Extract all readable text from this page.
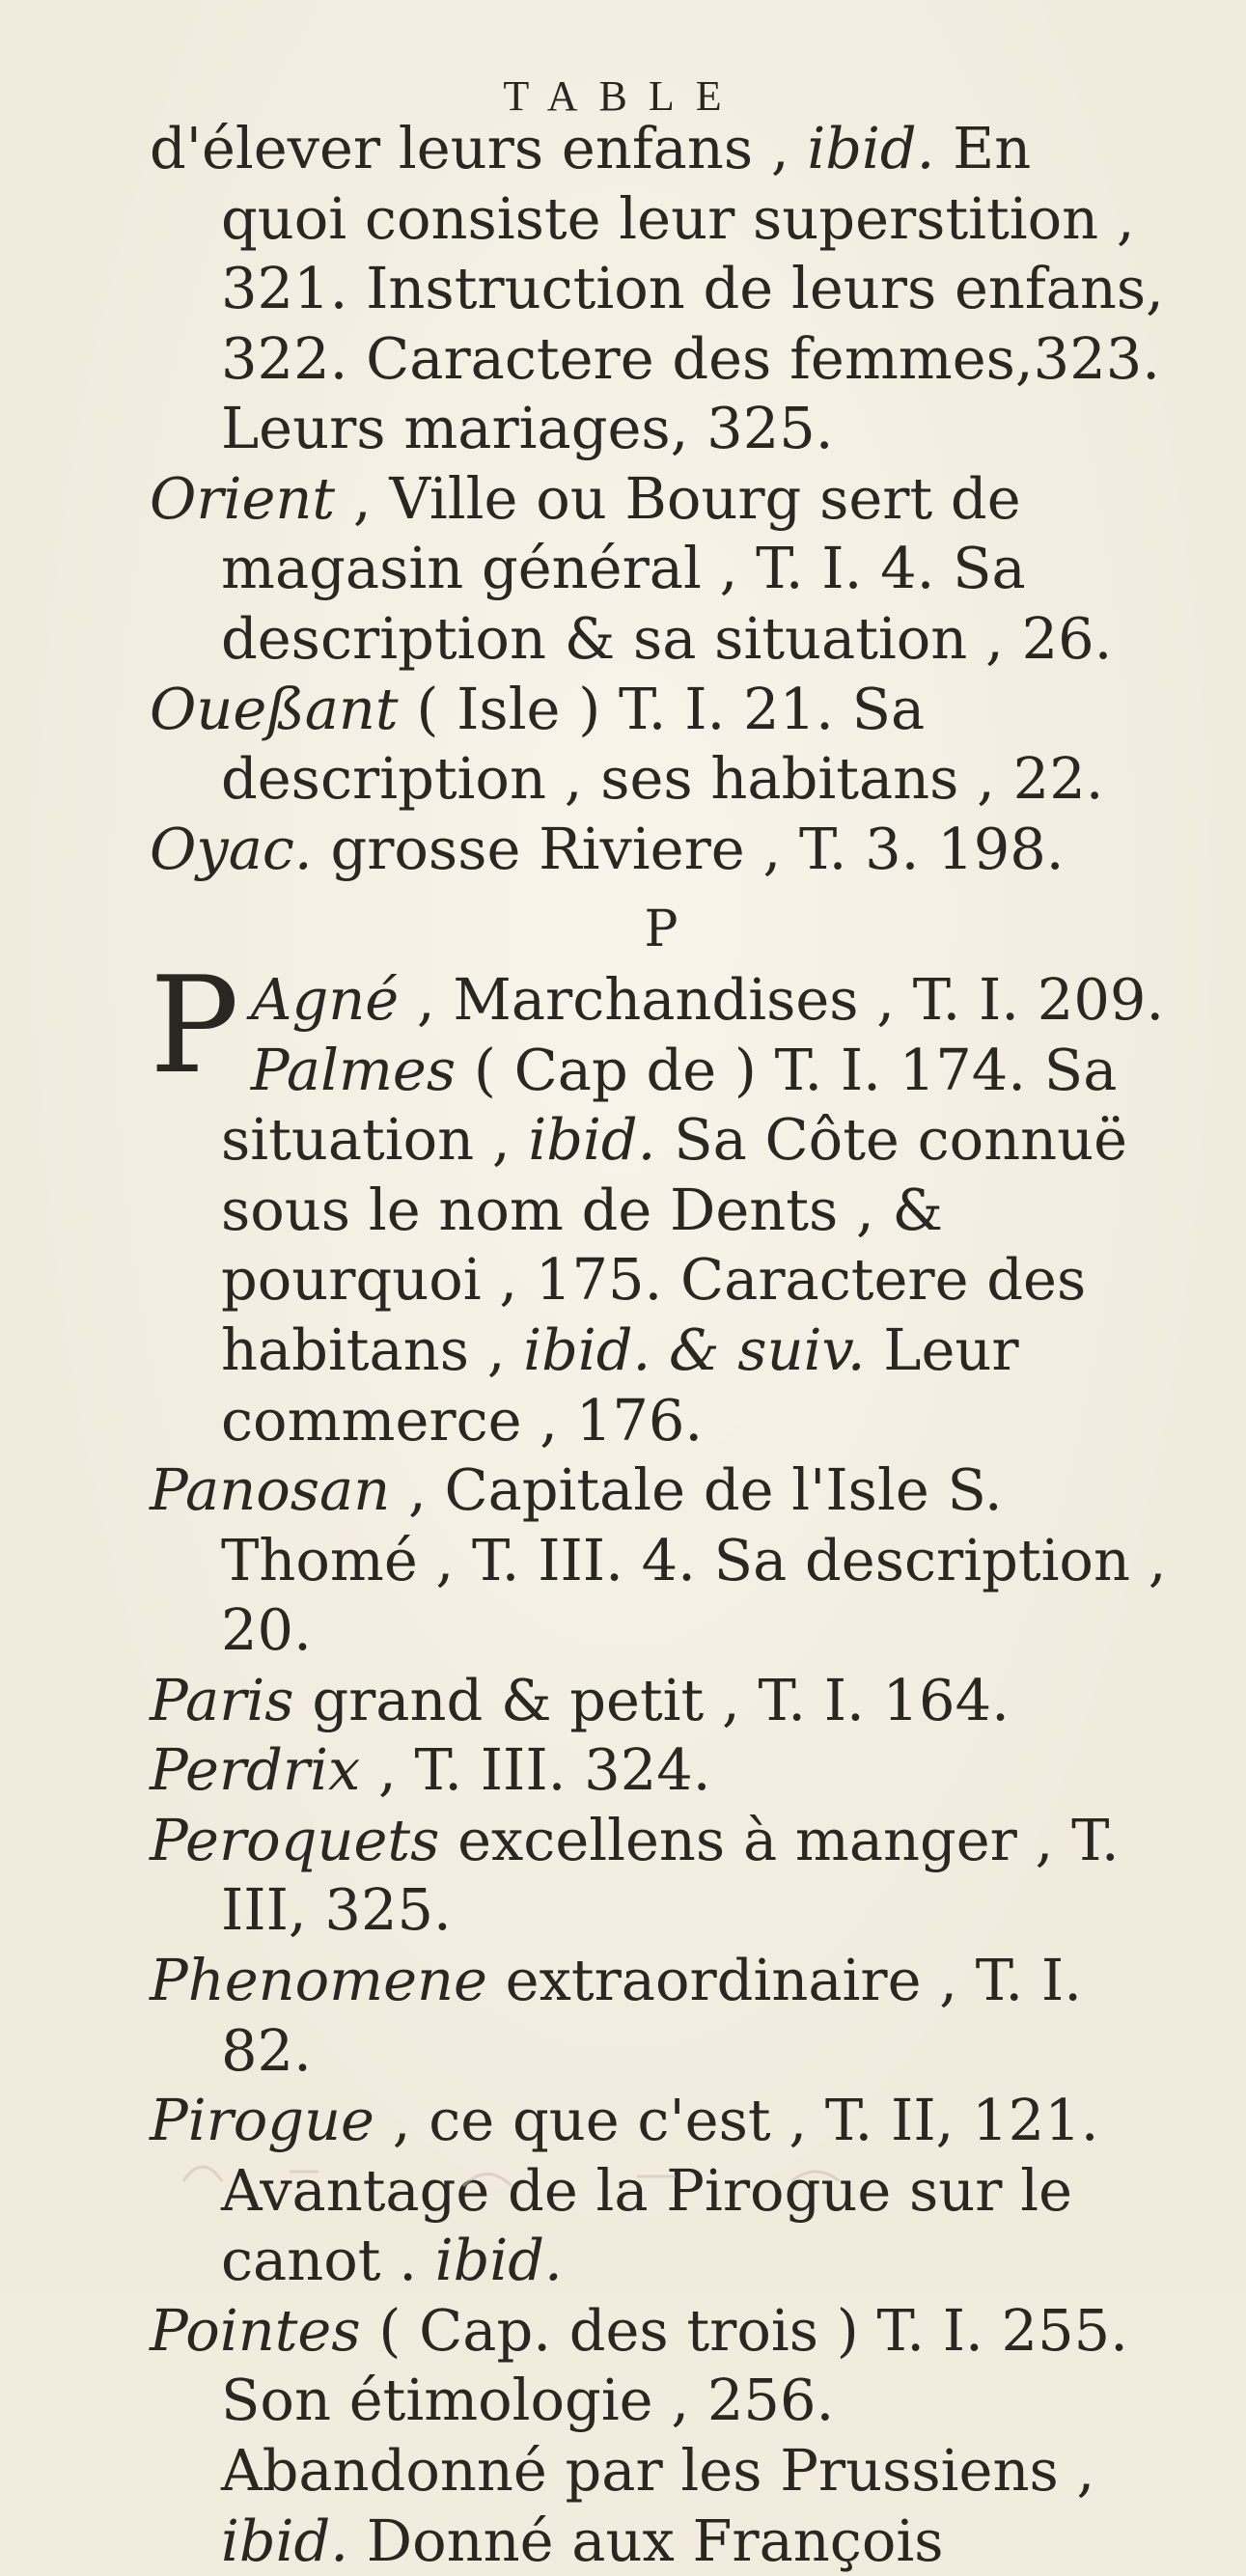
TABLE

d'élever leurs enfans , ibid. En quoi consiste leur superstition , 321. Instruction de leurs enfans, 322. Caractere des femmes,323. Leurs mariages, 325.

Orient , Ville ou Bourg sert de magasin général , T. I. 4. Sa description & sa situation , 26.

Oueßant ( Isle ) T. I. 21. Sa description , ses habitans , 22.

Oyac. grosse Riviere , T. 3. 198.

P

P Agné , Marchandises , T. I. 209.
Palmes ( Cap de ) T. I. 174. Sa situation , ibid. Sa Côte connuë sous le nom de Dents , & pourquoi , 175. Caractere des habitans , ibid. & suiv. Leur commerce , 176.

Panosan , Capitale de l'Isle S. Thomé , T. III. 4. Sa description , 20.

Paris grand & petit , T. I. 164.

Perdrix , T. III. 324.

Peroquets excellens à manger , T. III, 325.

Phenomene extraordinaire , T. I. 82.

Pirogue , ce que c'est , T. II, 121. Avantage de la Pirogue sur le canot . ibid.

Pointes ( Cap. des trois ) T. I. 255. Son étimologie , 256. Abandonné par les Prussiens , ibid. Donné aux François
